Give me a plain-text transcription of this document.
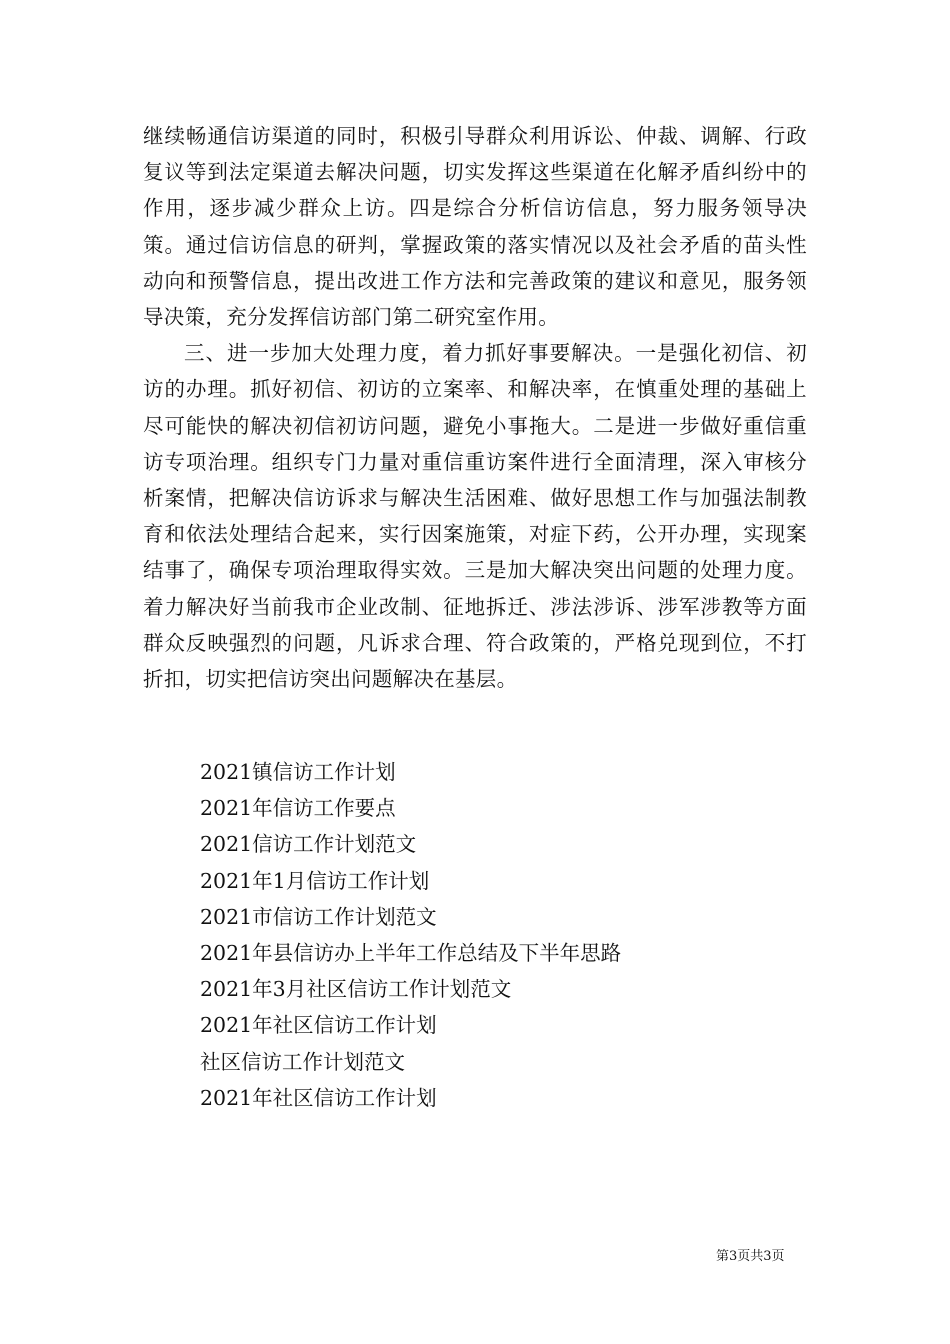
继续畅通信访渠道的同时，积极引导群众利用诉讼、仲裁、调解、行政复议等到法定渠道去解决问题，切实发挥这些渠道在化解矛盾纠纷中的作用，逐步减少群众上访。四是综合分析信访信息，努力服务领导决策。通过信访信息的研判，掌握政策的落实情况以及社会矛盾的苗头性动向和预警信息，提出改进工作方法和完善政策的建议和意见，服务领导决策，充分发挥信访部门第二研究室作用。

三、进一步加大处理力度，着力抓好事要解决。一是强化初信、初访的办理。抓好初信、初访的立案率、和解决率，在慎重处理的基础上尽可能快的解决初信初访问题，避免小事拖大。二是进一步做好重信重访专项治理。组织专门力量对重信重访案件进行全面清理，深入审核分析案情，把解决信访诉求与解决生活困难、做好思想工作与加强法制教育和依法处理结合起来，实行因案施策，对症下药，公开办理，实现案结事了，确保专项治理取得实效。三是加大解决突出问题的处理力度。着力解决好当前我市企业改制、征地拆迁、涉法涉诉、涉军涉教等方面群众反映强烈的问题，凡诉求合理、符合政策的，严格兑现到位，不打折扣，切实把信访突出问题解决在基层。

2021镇信访工作计划
2021年信访工作要点
2021信访工作计划范文
2021年1月信访工作计划
2021市信访工作计划范文
2021年县信访办上半年工作总结及下半年思路
2021年3月社区信访工作计划范文
2021年社区信访工作计划
社区信访工作计划范文
2021年社区信访工作计划
第3页共3页
